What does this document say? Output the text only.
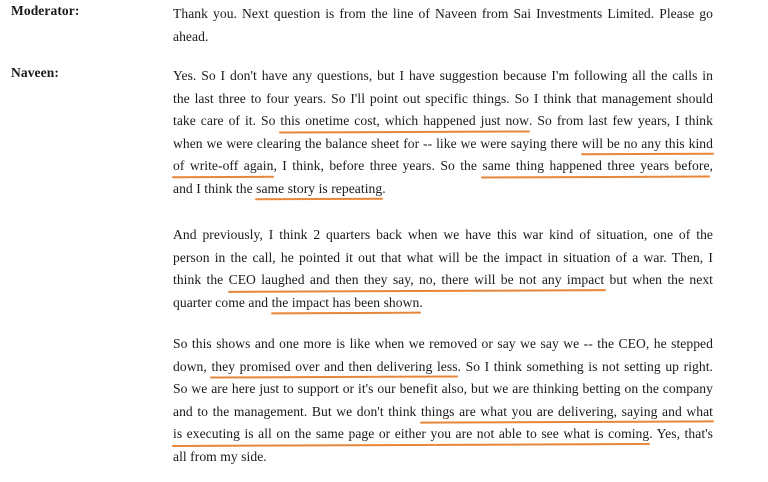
Moderator:	Thank you. Next question is from the line of Naveen from Sai Investments Limited. Please go
ahead.
Naveen:	Yes. So I don't have any questions, but I have suggestion because I'm following all the calls in
the last three to four years. So I'll point out specific things. So I think that management should
take care of it. So this onetime cost, which happened just now. So from last few years, I think
when we were clearing the balance sheet for -- like we were saying there will be no any this kind
of write-off again, I think, before three years. So the same thing happened three years before,
and I think the same story is repeating.
And previously, I think 2 quarters back when we have this war kind of situation, one of the
person in the call, he pointed it out that what will be the impact in situation of a war. Then, I
think the CEO laughed and then they say, no, there will be not any impact but when the next
quarter come and the impact has been shown.
So this shows and one more is like when we removed or say we say we -- the CEO, he stepped
down, they promised over and then delivering less. So I think something is not setting up right.
So we are here just to support or it's our benefit also, but we are thinking betting on the company
and to the management. But we don't think things are what you are delivering, saying and what
is executing is all on the same page or either you are not able to see what is coming. Yes, that's
all from my side.
